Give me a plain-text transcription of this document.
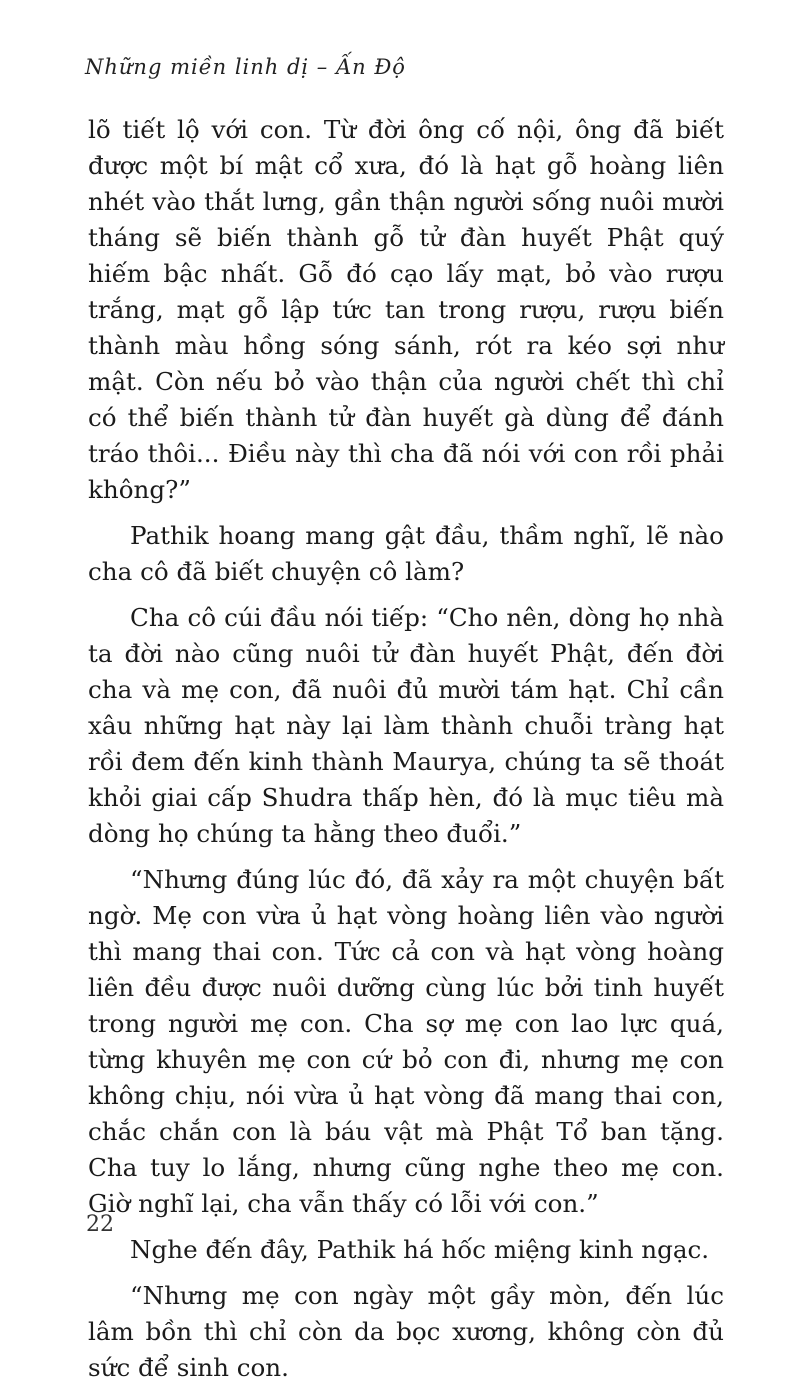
Những miền linh dị – Ấn Độ

lõ tiết lộ với con. Từ đời ông cố nội, ông đã biết được một bí mật cổ xưa, đó là hạt gỗ hoàng liên nhét vào thắt lưng, gần thận người sống nuôi mười tháng sẽ biến thành gỗ tử đàn huyết Phật quý hiếm bậc nhất. Gỗ đó cạo lấy mạt, bỏ vào rượu trắng, mạt gỗ lập tức tan trong rượu, rượu biến thành màu hồng sóng sánh, rót ra kéo sợi như mật. Còn nếu bỏ vào thận của người chết thì chỉ có thể biến thành tử đàn huyết gà dùng để đánh tráo thôi... Điều này thì cha đã nói với con rồi phải không?”

Pathik hoang mang gật đầu, thầm nghĩ, lẽ nào cha cô đã biết chuyện cô làm?

Cha cô cúi đầu nói tiếp: “Cho nên, dòng họ nhà ta đời nào cũng nuôi tử đàn huyết Phật, đến đời cha và mẹ con, đã nuôi đủ mười tám hạt. Chỉ cần xâu những hạt này lại làm thành chuỗi tràng hạt rồi đem đến kinh thành Maurya, chúng ta sẽ thoát khỏi giai cấp Shudra thấp hèn, đó là mục tiêu mà dòng họ chúng ta hằng theo đuổi.”

“Nhưng đúng lúc đó, đã xảy ra một chuyện bất ngờ. Mẹ con vừa ủ hạt vòng hoàng liên vào người thì mang thai con. Tức cả con và hạt vòng hoàng liên đều được nuôi dưỡng cùng lúc bởi tinh huyết trong người mẹ con. Cha sợ mẹ con lao lực quá, từng khuyên mẹ con cứ bỏ con đi, nhưng mẹ con không chịu, nói vừa ủ hạt vòng đã mang thai con, chắc chắn con là báu vật mà Phật Tổ ban tặng. Cha tuy lo lắng, nhưng cũng nghe theo mẹ con. Giờ nghĩ lại, cha vẫn thấy có lỗi với con.”

Nghe đến đây, Pathik há hốc miệng kinh ngạc.

“Nhưng mẹ con ngày một gầy mòn, đến lúc lâm bồn thì chỉ còn da bọc xương, không còn đủ sức để sinh con.

22
